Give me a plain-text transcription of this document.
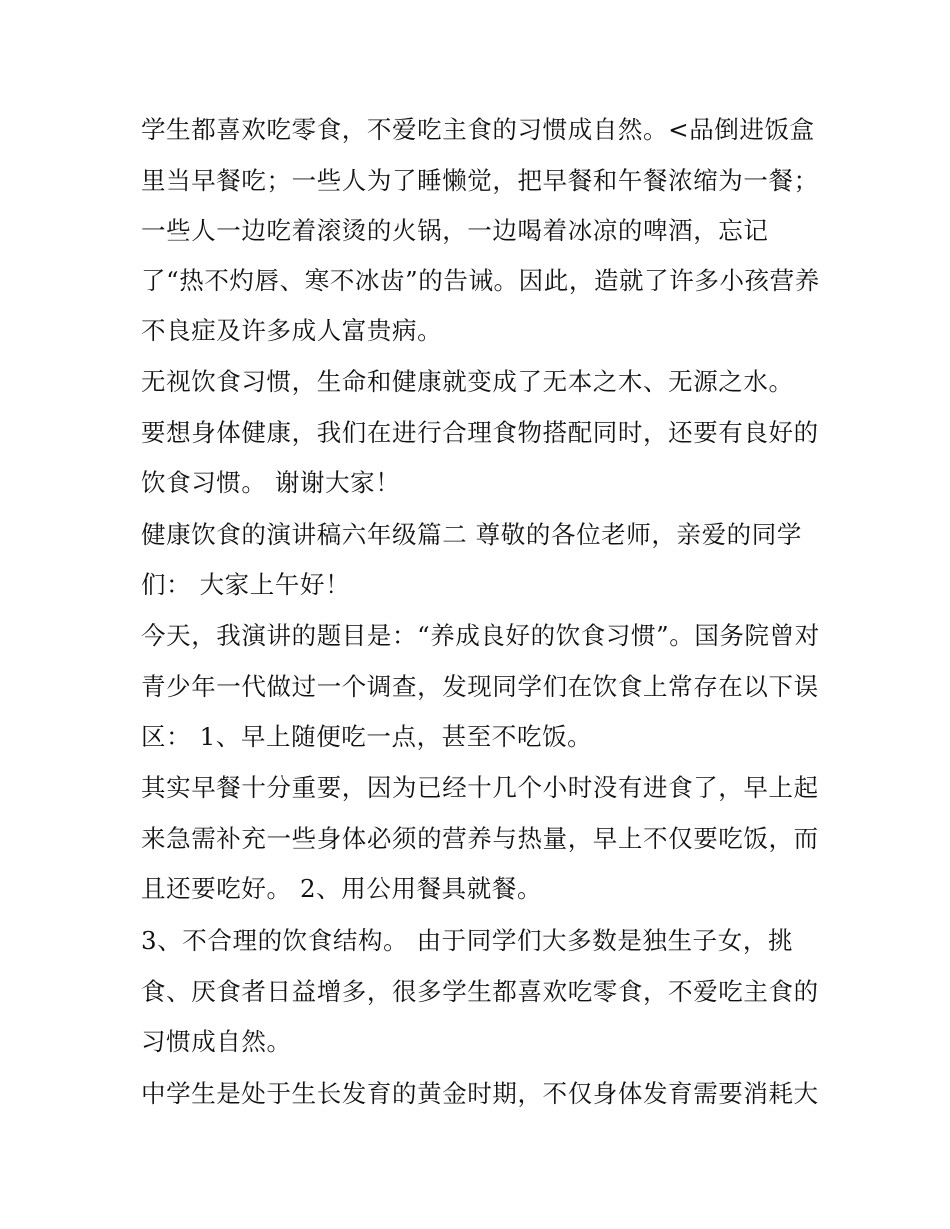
学生都喜欢吃零食，不爱吃主食的习惯成自然。<品倒进饭盒
里当早餐吃；一些人为了睡懒觉，把早餐和午餐浓缩为一餐；
一些人一边吃着滚烫的火锅，一边喝着冰凉的啤酒，忘记
了“热不灼唇、寒不冰齿”的告诫。因此，造就了许多小孩营养
不良症及许多成人富贵病。
无视饮食习惯，生命和健康就变成了无本之木、无源之水。
要想身体健康，我们在进行合理食物搭配同时，还要有良好的
饮食习惯。 谢谢大家！
健康饮食的演讲稿六年级篇二 尊敬的各位老师，亲爱的同学
们： 大家上午好！
今天，我演讲的题目是：“养成良好的饮食习惯”。国务院曾对
青少年一代做过一个调查，发现同学们在饮食上常存在以下误
区： 1、早上随便吃一点，甚至不吃饭。
其实早餐十分重要，因为已经十几个小时没有进食了，早上起
来急需补充一些身体必须的营养与热量，早上不仅要吃饭，而
且还要吃好。 2、用公用餐具就餐。
3、不合理的饮食结构。 由于同学们大多数是独生子女，挑
食、厌食者日益增多，很多学生都喜欢吃零食，不爱吃主食的
习惯成自然。
中学生是处于生长发育的黄金时期，不仅身体发育需要消耗大
